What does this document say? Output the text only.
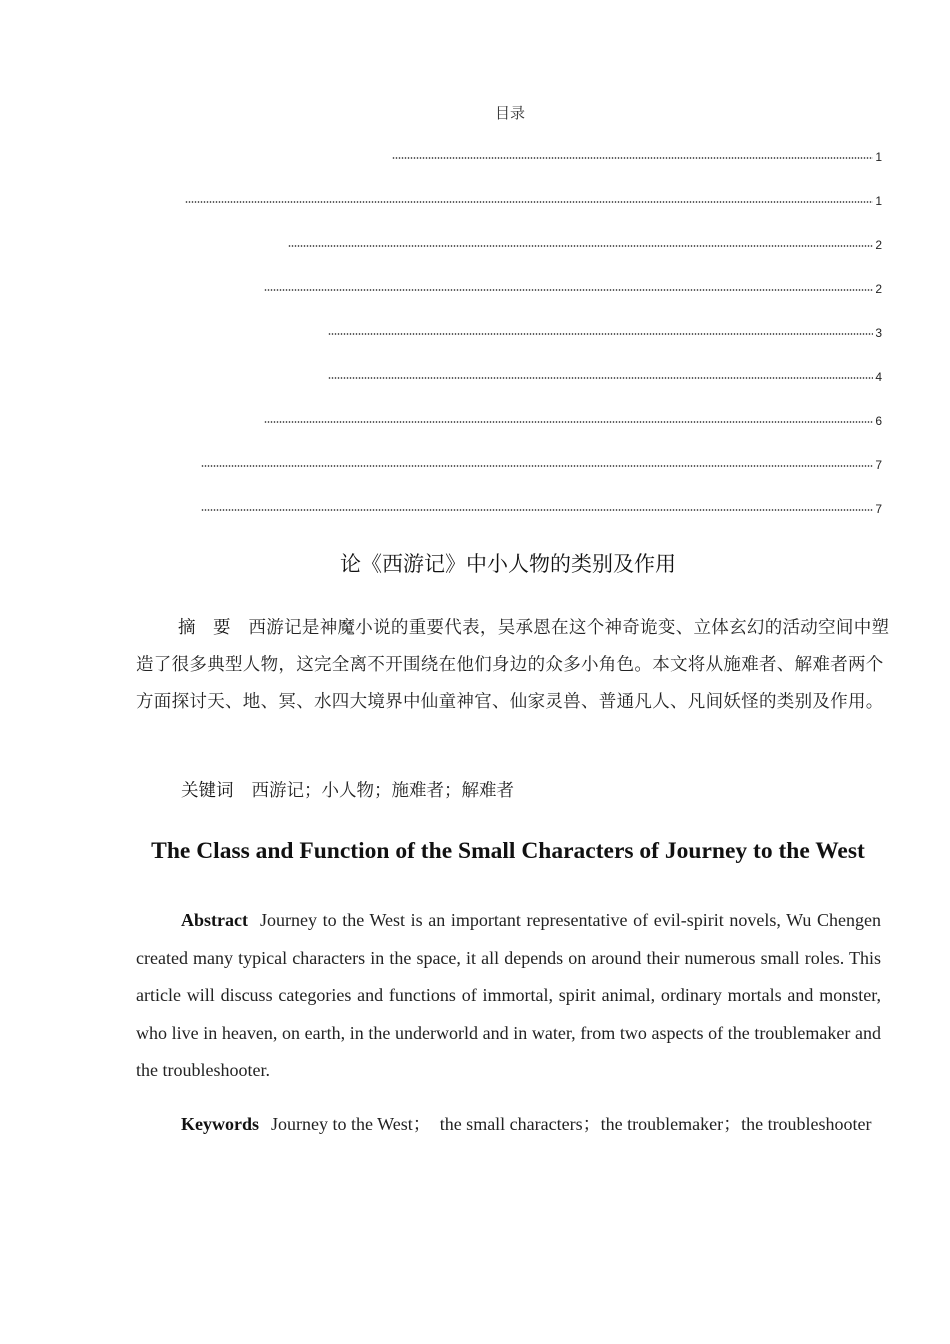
目录
1
1
2
2
3
4
6
7
7
论《西游记》中小人物的类别及作用

摘　要 西游记是神魔小说的重要代表，吴承恩在这个神奇诡变、立体玄幻的活动空间中塑造了很多典型人物，这完全离不开围绕在他们身边的众多小角色。本文将从施难者、解难者两个方面探讨天、地、冥、水四大境界中仙童神官、仙家灵兽、普通凡人、凡间妖怪的类别及作用。

关键词 西游记；小人物；施难者；解难者
The Class and Function of the Small Characters of Journey to the West

Abstract Journey to the West is an important representative of evil-spirit novels, Wu Chengen created many typical characters in the space, it all depends on around their numerous small roles. This article will discuss categories and functions of immortal, spirit animal, ordinary mortals and monster, who live in heaven, on earth, in the underworld and in water, from two aspects of the troublemaker and the troubleshooter.

Keywords Journey to the West；　the small characters；the troublemaker；the troubleshooter
